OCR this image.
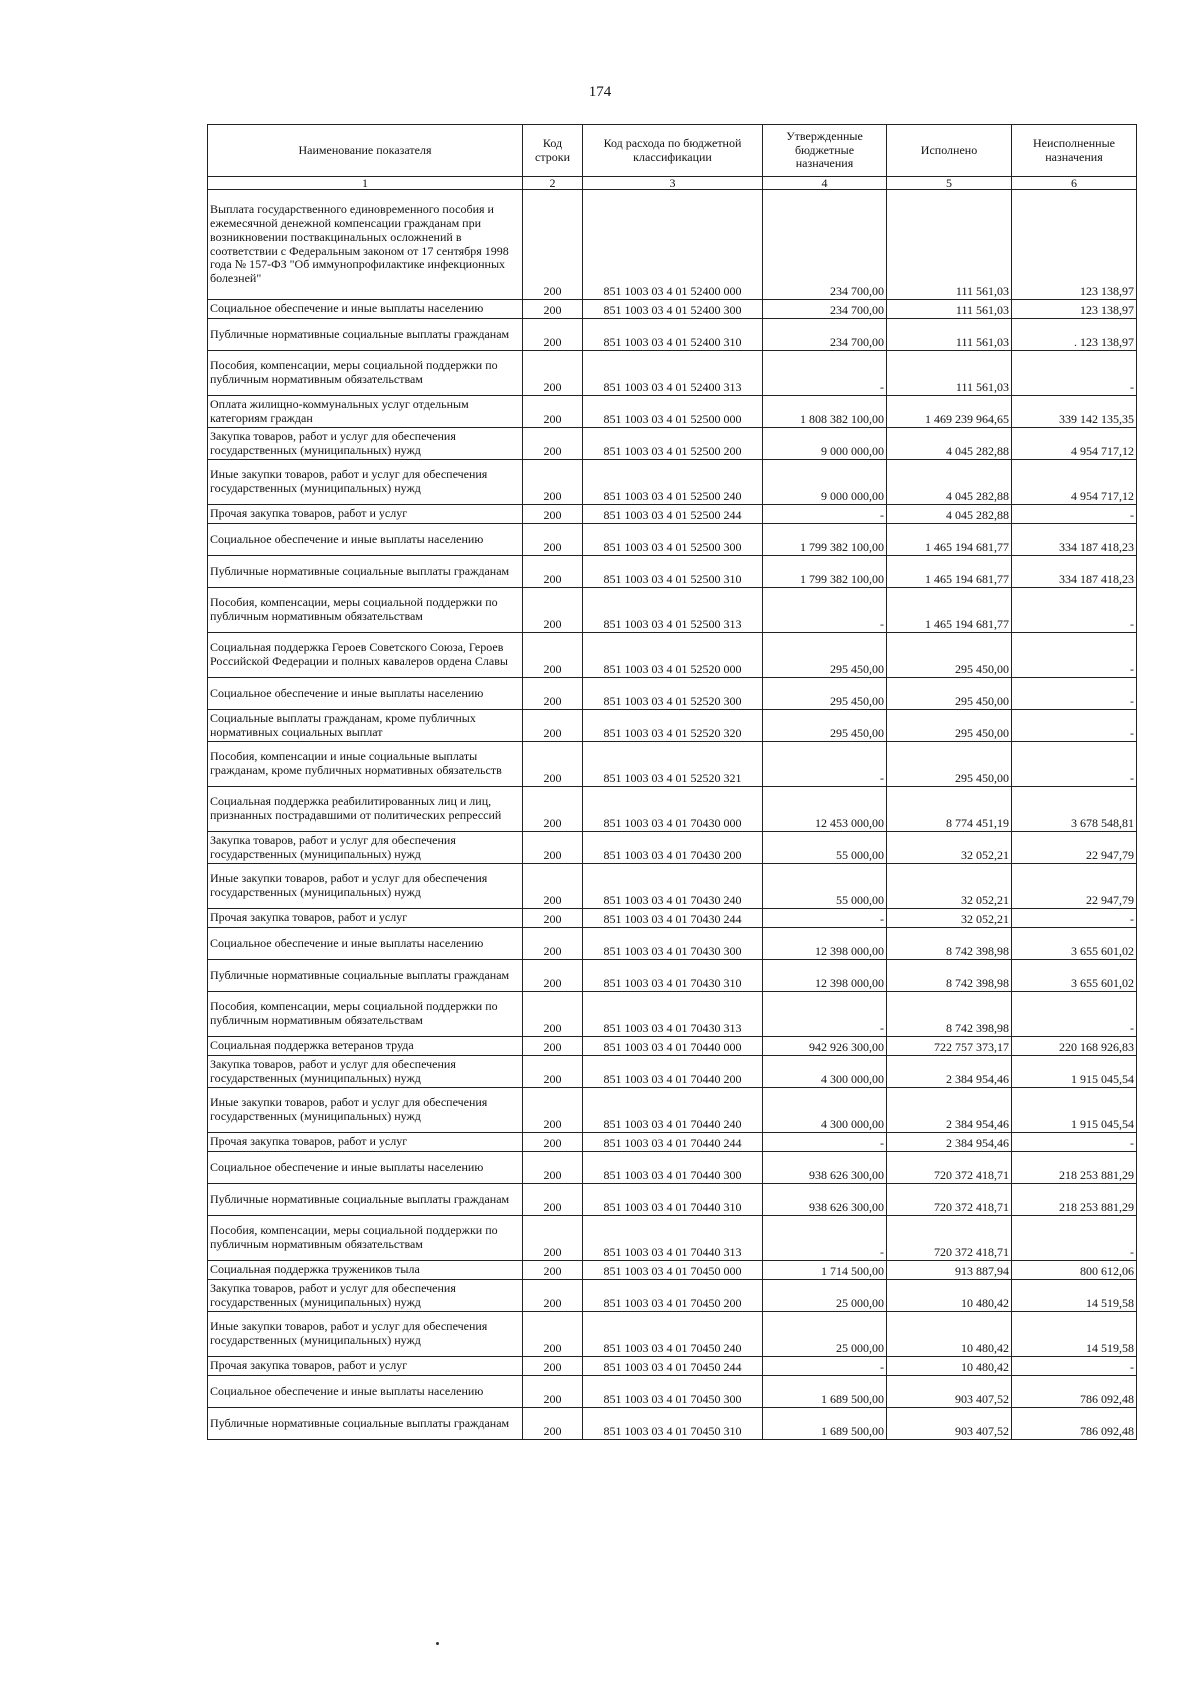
174
Наименование показателя	Код строки	Код расхода по бюджетной классификации	Утвержденные бюджетные назначения	Исполнено	Неисполненные назначения
1	2	3	4	5	6
Выплата государственного единовременного пособия и ежемесячной денежной компенсации гражданам при возникновении поствакцинальных осложнений в соответствии с Федеральным законом от 17 сентября 1998 года № 157-ФЗ "Об иммунопрофилактике инфекционных болезней"	200	851 1003 03 4 01 52400 000	234 700,00	111 561,03	123 138,97
Социальное обеспечение и иные выплаты населению	200	851 1003 03 4 01 52400 300	234 700,00	111 561,03	123 138,97
Публичные нормативные социальные выплаты гражданам	200	851 1003 03 4 01 52400 310	234 700,00	111 561,03	. 123 138,97
Пособия, компенсации, меры социальной поддержки по публичным нормативным обязательствам	200	851 1003 03 4 01 52400 313	-	111 561,03	-
Оплата жилищно-коммунальных услуг отдельным категориям граждан	200	851 1003 03 4 01 52500 000	1 808 382 100,00	1 469 239 964,65	339 142 135,35
Закупка товаров, работ и услуг для обеспечения государственных (муниципальных) нужд	200	851 1003 03 4 01 52500 200	9 000 000,00	4 045 282,88	4 954 717,12
Иные закупки товаров, работ и услуг для обеспечения государственных (муниципальных) нужд	200	851 1003 03 4 01 52500 240	9 000 000,00	4 045 282,88	4 954 717,12
Прочая закупка товаров, работ и услуг	200	851 1003 03 4 01 52500 244	-	4 045 282,88	-
Социальное обеспечение и иные выплаты населению	200	851 1003 03 4 01 52500 300	1 799 382 100,00	1 465 194 681,77	334 187 418,23
Публичные нормативные социальные выплаты гражданам	200	851 1003 03 4 01 52500 310	1 799 382 100,00	1 465 194 681,77	334 187 418,23
Пособия, компенсации, меры социальной поддержки по публичным нормативным обязательствам	200	851 1003 03 4 01 52500 313	-	1 465 194 681,77	-
Социальная поддержка Героев Советского Союза, Героев Российской Федерации и полных кавалеров ордена Славы	200	851 1003 03 4 01 52520 000	295 450,00	295 450,00	-
Социальное обеспечение и иные выплаты населению	200	851 1003 03 4 01 52520 300	295 450,00	295 450,00	-
Социальные выплаты гражданам, кроме публичных нормативных социальных выплат	200	851 1003 03 4 01 52520 320	295 450,00	295 450,00	-
Пособия, компенсации и иные социальные выплаты гражданам, кроме публичных нормативных обязательств	200	851 1003 03 4 01 52520 321	-	295 450,00	-
Социальная поддержка реабилитированных лиц и лиц, признанных пострадавшими от политических репрессий	200	851 1003 03 4 01 70430 000	12 453 000,00	8 774 451,19	3 678 548,81
Закупка товаров, работ и услуг для обеспечения государственных (муниципальных) нужд	200	851 1003 03 4 01 70430 200	55 000,00	32 052,21	22 947,79
Иные закупки товаров, работ и услуг для обеспечения государственных (муниципальных) нужд	200	851 1003 03 4 01 70430 240	55 000,00	32 052,21	22 947,79
Прочая закупка товаров, работ и услуг	200	851 1003 03 4 01 70430 244	-	32 052,21	-
Социальное обеспечение и иные выплаты населению	200	851 1003 03 4 01 70430 300	12 398 000,00	8 742 398,98	3 655 601,02
Публичные нормативные социальные выплаты гражданам	200	851 1003 03 4 01 70430 310	12 398 000,00	8 742 398,98	3 655 601,02
Пособия, компенсации, меры социальной поддержки по публичным нормативным обязательствам	200	851 1003 03 4 01 70430 313	-	8 742 398,98	-
Социальная поддержка ветеранов труда	200	851 1003 03 4 01 70440 000	942 926 300,00	722 757 373,17	220 168 926,83
Закупка товаров, работ и услуг для обеспечения государственных (муниципальных) нужд	200	851 1003 03 4 01 70440 200	4 300 000,00	2 384 954,46	1 915 045,54
Иные закупки товаров, работ и услуг для обеспечения государственных (муниципальных) нужд	200	851 1003 03 4 01 70440 240	4 300 000,00	2 384 954,46	1 915 045,54
Прочая закупка товаров, работ и услуг	200	851 1003 03 4 01 70440 244	-	2 384 954,46	-
Социальное обеспечение и иные выплаты населению	200	851 1003 03 4 01 70440 300	938 626 300,00	720 372 418,71	218 253 881,29
Публичные нормативные социальные выплаты гражданам	200	851 1003 03 4 01 70440 310	938 626 300,00	720 372 418,71	218 253 881,29
Пособия, компенсации, меры социальной поддержки по публичным нормативным обязательствам	200	851 1003 03 4 01 70440 313	-	720 372 418,71	-
Социальная поддержка тружеников тыла	200	851 1003 03 4 01 70450 000	1 714 500,00	913 887,94	800 612,06
Закупка товаров, работ и услуг для обеспечения государственных (муниципальных) нужд	200	851 1003 03 4 01 70450 200	25 000,00	10 480,42	14 519,58
Иные закупки товаров, работ и услуг для обеспечения государственных (муниципальных) нужд	200	851 1003 03 4 01 70450 240	25 000,00	10 480,42	14 519,58
Прочая закупка товаров, работ и услуг	200	851 1003 03 4 01 70450 244	-	10 480,42	-
Социальное обеспечение и иные выплаты населению	200	851 1003 03 4 01 70450 300	1 689 500,00	903 407,52	786 092,48
Публичные нормативные социальные выплаты гражданам	200	851 1003 03 4 01 70450 310	1 689 500,00	903 407,52	786 092,48
